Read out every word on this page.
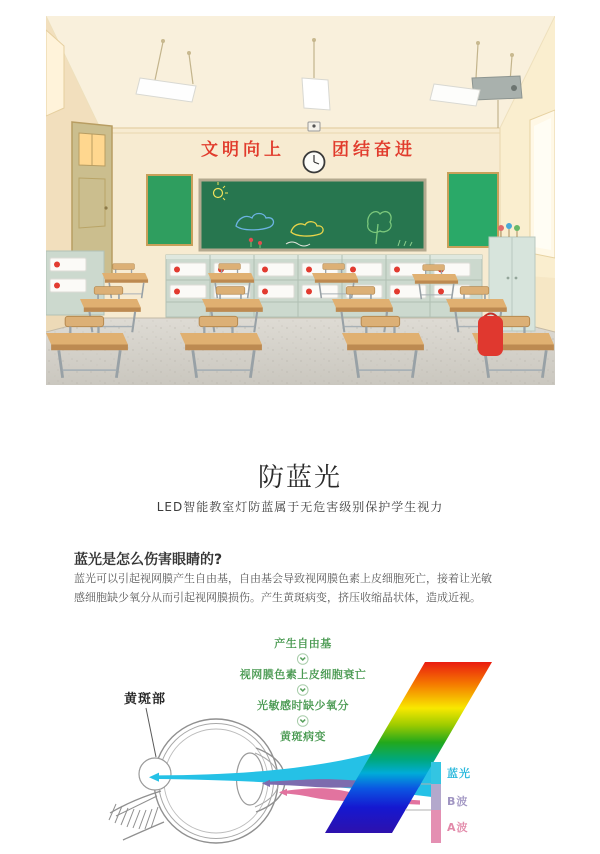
文明向上	团结奋进
防蓝光

LED智能教室灯防蓝属于无危害级别保护学生视力

蓝光是怎么伤害眼睛的?

蓝光可以引起视网膜产生自由基，自由基会导致视网膜色素上皮细胞死亡，接着让光敏感细胞缺少氧分从而引起视网膜损伤。产生黄斑病变，挤压收缩晶状体，造成近视。

产生自由基
视网膜色素上皮细胞衰亡
光敏感时缺少氧分
黄斑病变
黄斑部
蓝光
B波
A波
